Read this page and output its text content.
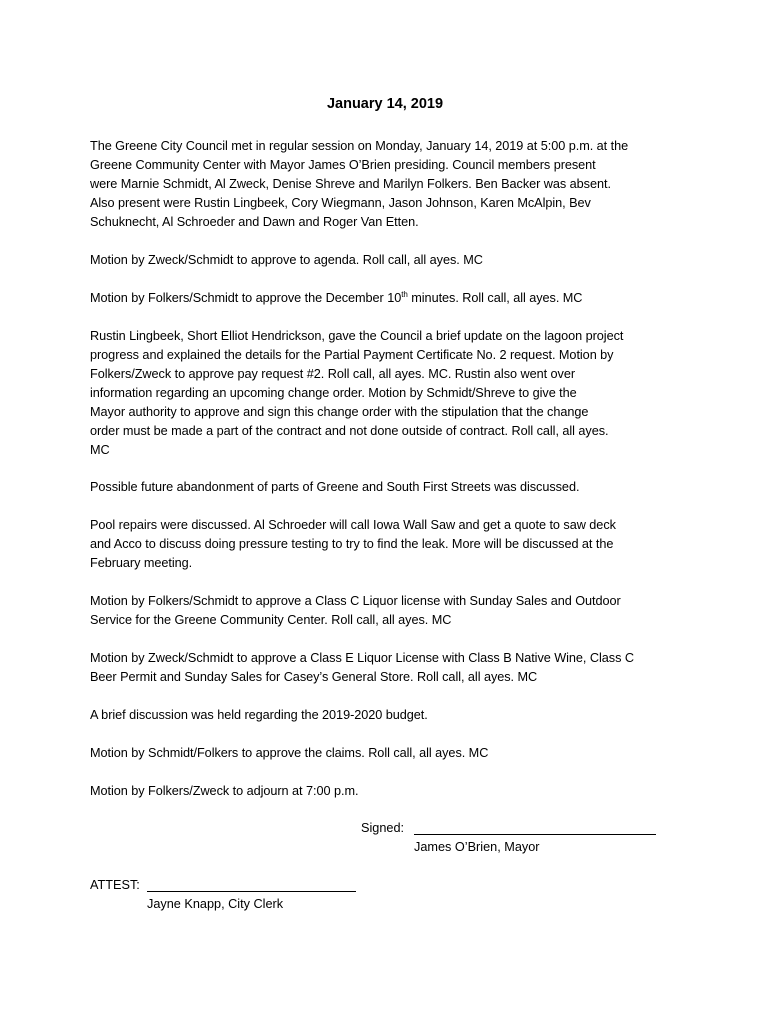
January 14, 2019

The Greene City Council met in regular session on Monday, January 14, 2019 at 5:00 p.m. at the

Greene Community Center with Mayor James O’Brien presiding. Council members present

were Marnie Schmidt, Al Zweck, Denise Shreve and Marilyn Folkers. Ben Backer was absent.

Also present were Rustin Lingbeek, Cory Wiegmann, Jason Johnson, Karen McAlpin, Bev

Schuknecht, Al Schroeder and Dawn and Roger Van Etten.

Motion by Zweck/Schmidt to approve to agenda. Roll call, all ayes. MC

Motion by Folkers/Schmidt to approve the December 10th minutes. Roll call, all ayes. MC

Rustin Lingbeek, Short Elliot Hendrickson, gave the Council a brief update on the lagoon project

progress and explained the details for the Partial Payment Certificate No. 2 request. Motion by

Folkers/Zweck to approve pay request #2. Roll call, all ayes. MC. Rustin also went over

information regarding an upcoming change order. Motion by Schmidt/Shreve to give the

Mayor authority to approve and sign this change order with the stipulation that the change

order must be made a part of the contract and not done outside of contract. Roll call, all ayes.

MC

Possible future abandonment of parts of Greene and South First Streets was discussed.

Pool repairs were discussed. Al Schroeder will call Iowa Wall Saw and get a quote to saw deck

and Acco to discuss doing pressure testing to try to find the leak. More will be discussed at the

February meeting.

Motion by Folkers/Schmidt to approve a Class C Liquor license with Sunday Sales and Outdoor

Service for the Greene Community Center. Roll call, all ayes. MC

Motion by Zweck/Schmidt to approve a Class E Liquor License with Class B Native Wine, Class C

Beer Permit and Sunday Sales for Casey’s General Store. Roll call, all ayes. MC

A brief discussion was held regarding the 2019-2020 budget.

Motion by Schmidt/Folkers to approve the claims. Roll call, all ayes. MC

Motion by Folkers/Zweck to adjourn at 7:00 p.m.

Signed:
James O’Brien, Mayor
ATTEST:
Jayne Knapp, City Clerk
